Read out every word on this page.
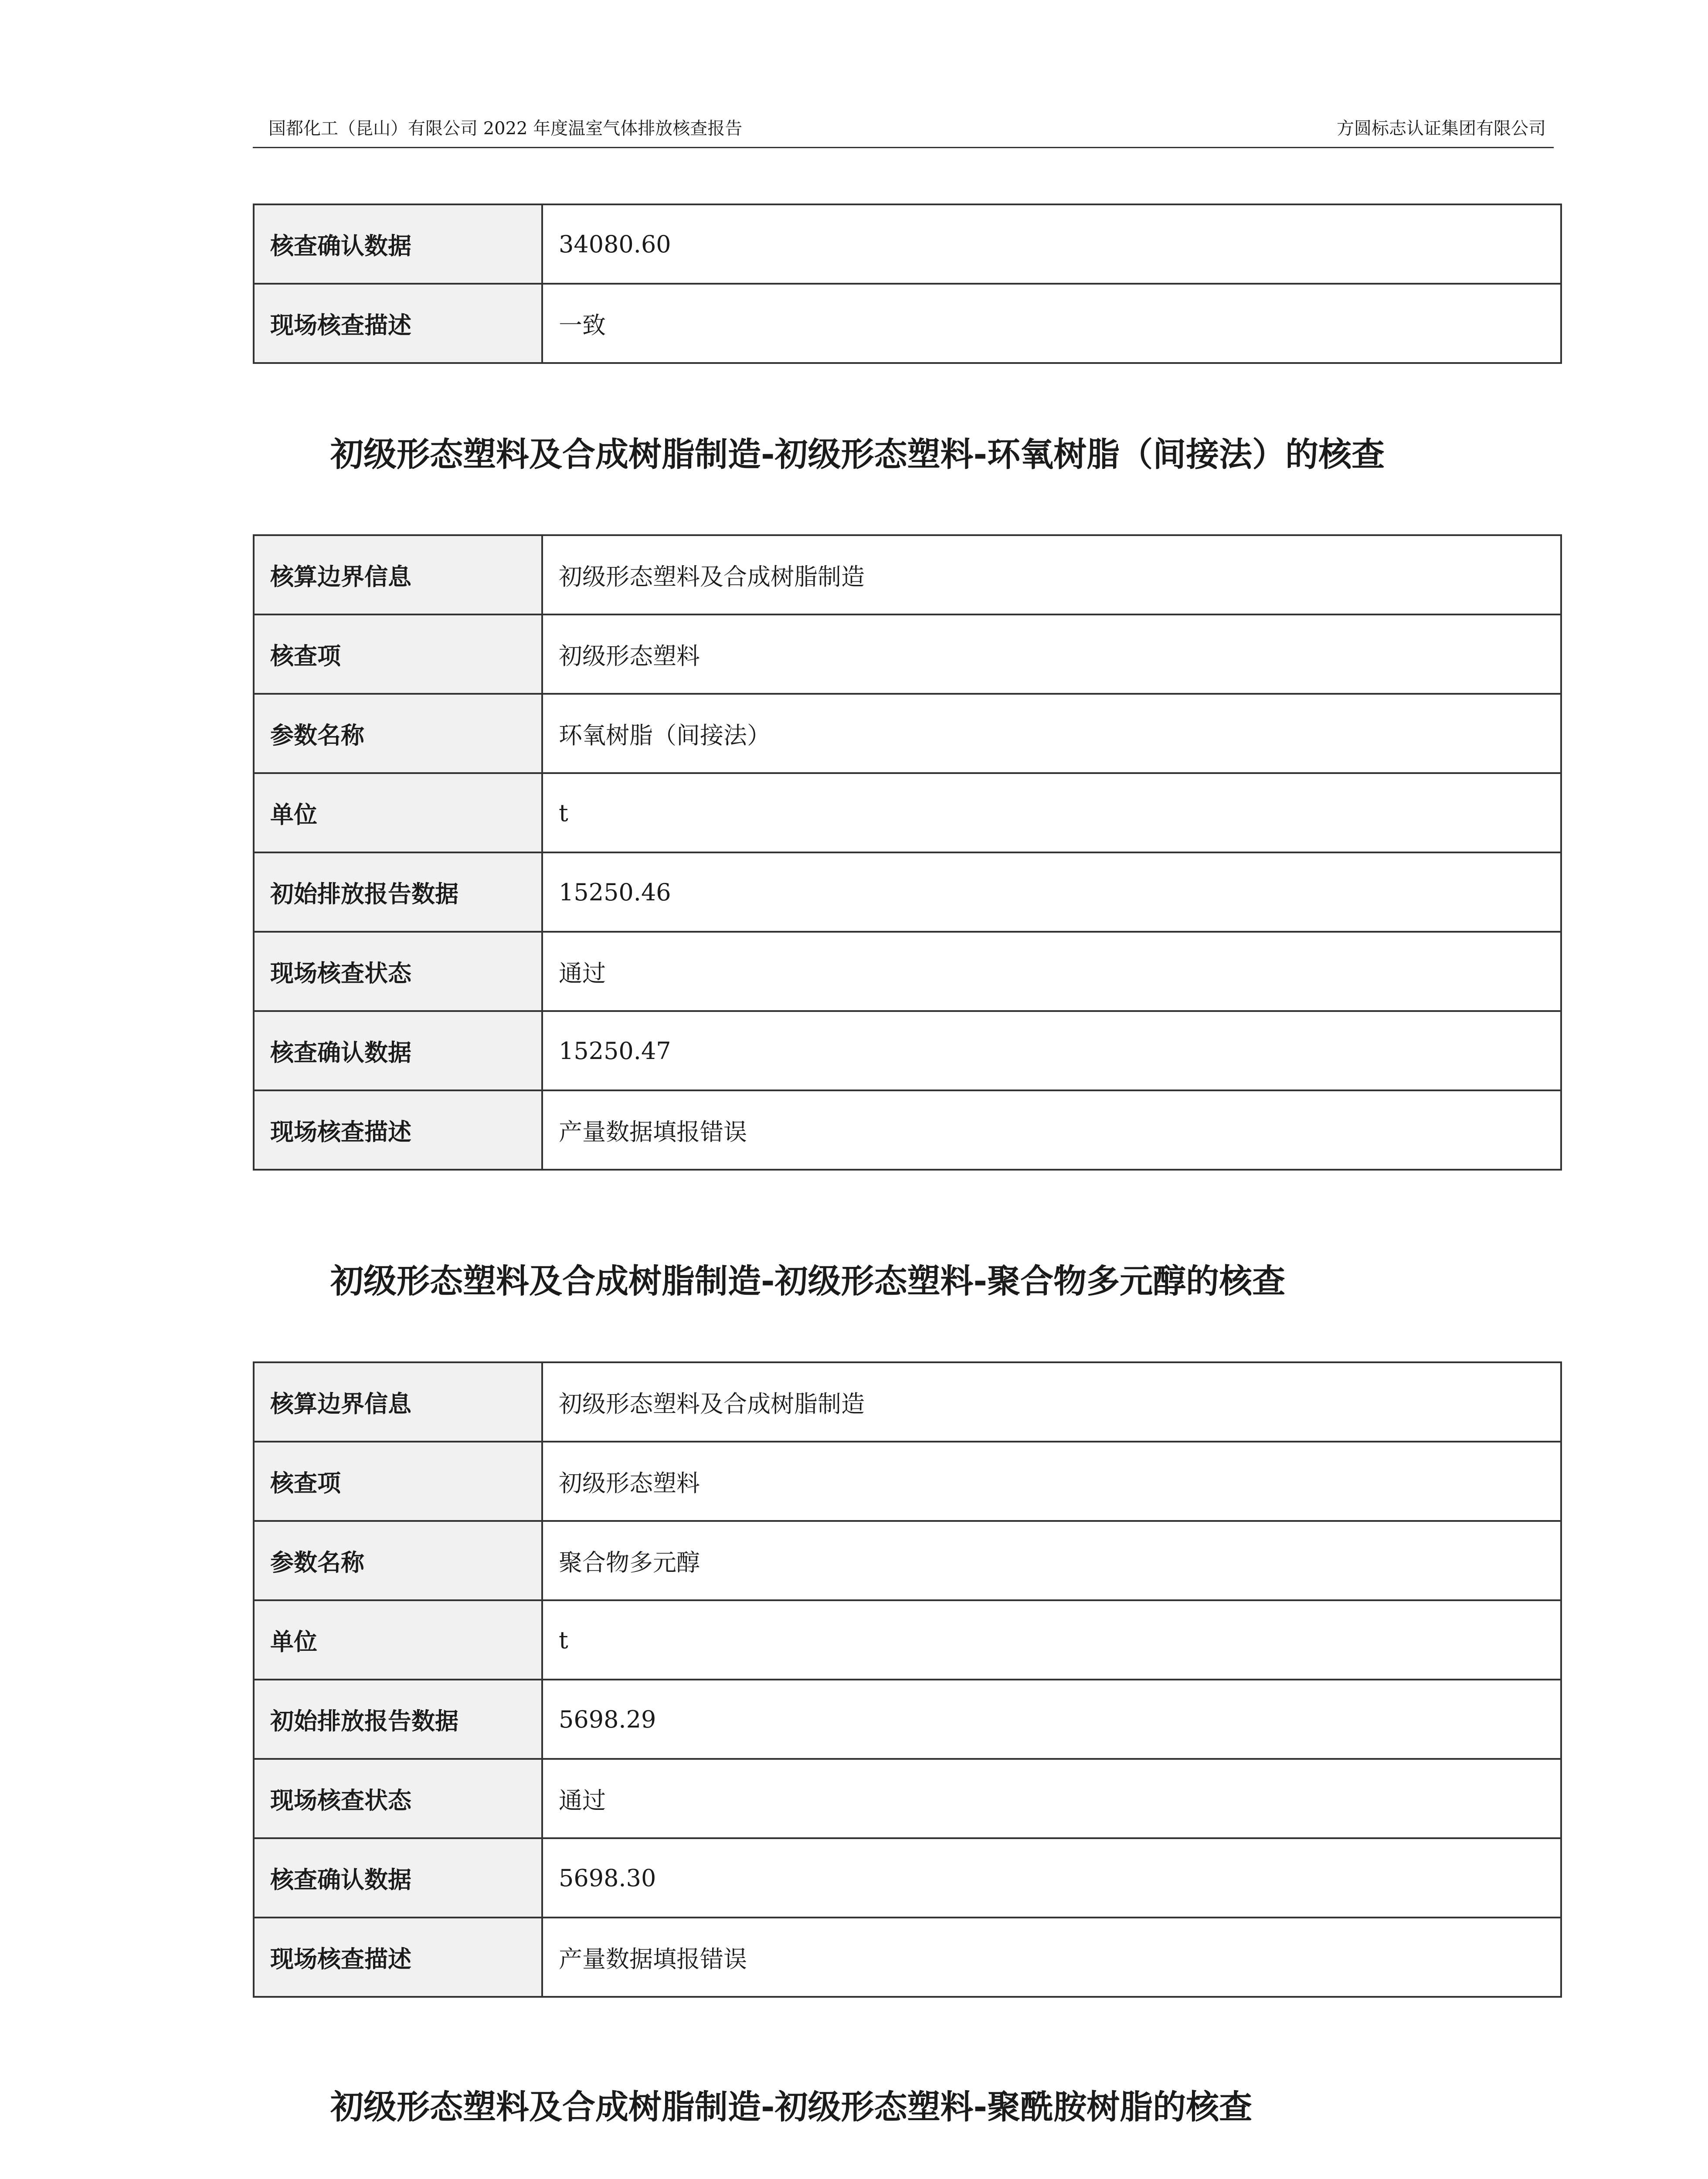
国都化工（昆山）有限公司 2022 年度温室气体排放核查报告	方圆标志认证集团有限公司
核查确认数据	34080.60
现场核查描述	一致
初级形态塑料及合成树脂制造-初级形态塑料-环氧树脂（间接法）的核查
核算边界信息	初级形态塑料及合成树脂制造
核查项	初级形态塑料
参数名称	环氧树脂（间接法）
单位	t
初始排放报告数据	15250.46
现场核查状态	通过
核查确认数据	15250.47
现场核查描述	产量数据填报错误
初级形态塑料及合成树脂制造-初级形态塑料-聚合物多元醇的核查
核算边界信息	初级形态塑料及合成树脂制造
核查项	初级形态塑料
参数名称	聚合物多元醇
单位	t
初始排放报告数据	5698.29
现场核查状态	通过
核查确认数据	5698.30
现场核查描述	产量数据填报错误
初级形态塑料及合成树脂制造-初级形态塑料-聚酰胺树脂的核查
